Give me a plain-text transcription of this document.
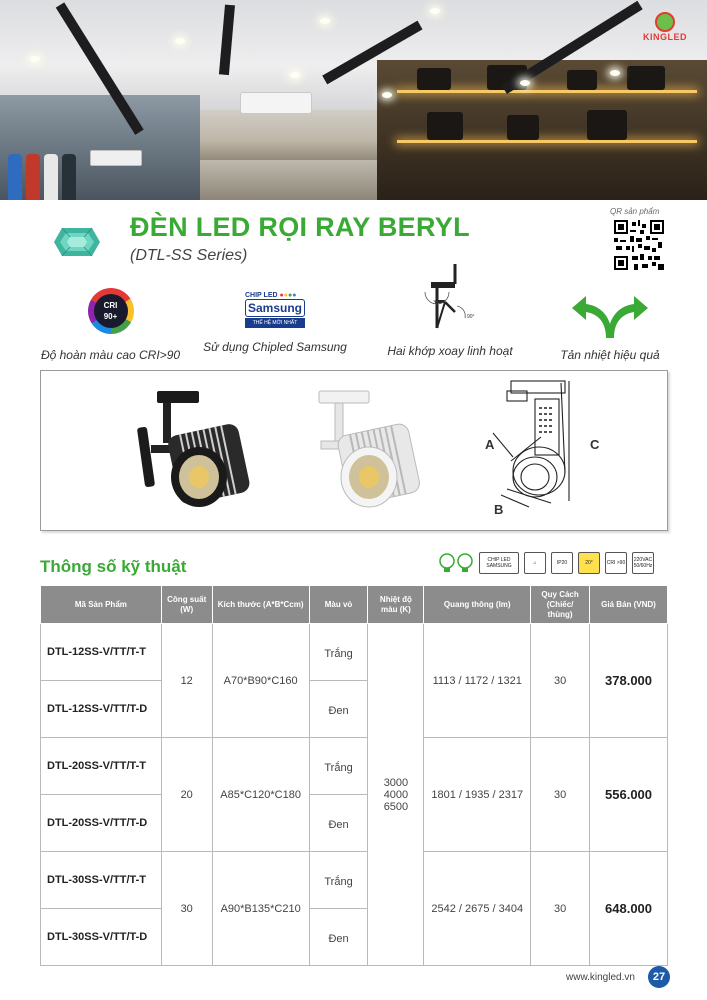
KINGLED
ĐÈN LED RỌI RAY BERYL
(DTL-SS Series)
QR sản phẩm
CRI
90+
Độ hoàn màu cao CRI>90
CHIP LED ●●●●
Samsung
THẾ HỆ MỚI NHẤT
Sử dụng Chipled Samsung
350°
90°
Hai khớp xoay linh hoạt	Tản nhiệt hiệu quả
A
B
C
Thông số kỹ thuật	CHIP LED SAMSUNG	⌂	IP20	20°	CRI >90	220VAC 50/60Hz
Mã Sản Phẩm	Công suất (W)	Kích thước (A*B*Ccm)	Màu vỏ	Nhiệt độ màu (K)	Quang thông (lm)	Quy Cách (Chiếc/ thùng)	Giá Bán (VND)
DTL-12SS-V/TT/T-T	12	A70*B90*C160	Trắng	3000
4000
6500	1113 / 1172 / 1321	30	378.000
DTL-12SS-V/TT/T-D			Đen				
DTL-20SS-V/TT/T-T	20	A85*C120*C180	Trắng		1801 / 1935 / 2317	30	556.000
DTL-20SS-V/TT/T-D			Đen				
DTL-30SS-V/TT/T-T	30	A90*B135*C210	Trắng		2542 / 2675 / 3404	30	648.000
DTL-30SS-V/TT/T-D			Đen				
www.kingled.vn	27
